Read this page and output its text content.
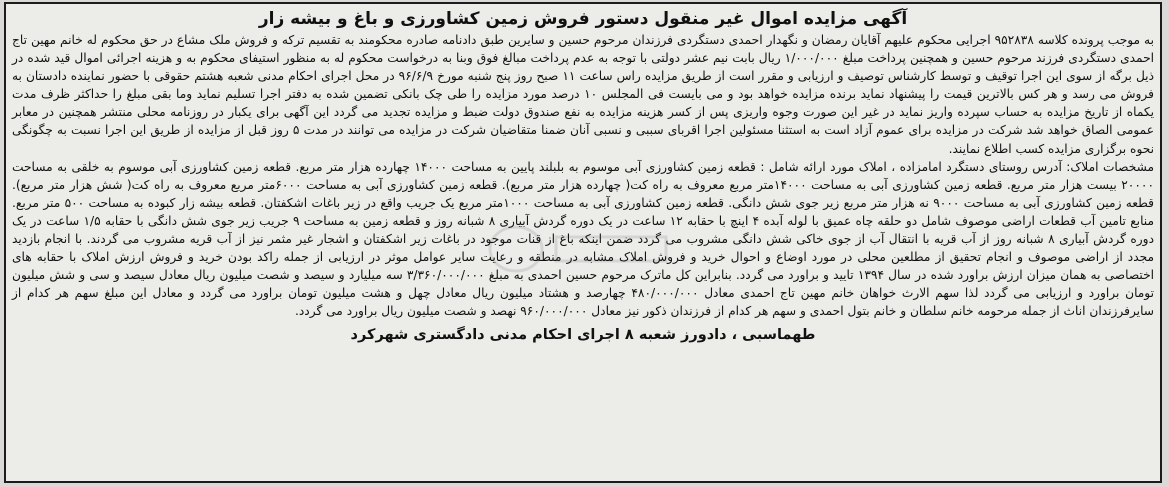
آگهی مزایده اموال غیر منقول دستور فروش زمین کشاورزی و باغ و بیشه زار

به موجب پرونده کلاسه ۹۵۲۸۳۸ اجرایی محکوم علیهم آقایان رمضان و نگهدار احمدی دستگردی فرزندان مرحوم حسین و سایرین طبق دادنامه صادره محکومند به تقسیم ترکه و فروش ملک مشاع در حق محکوم له خانم مهین تاج احمدی دستگردی فرزند مرحوم حسین و همچنین پرداخت مبلغ ۱/۰۰۰/۰۰۰ ریال بابت نیم عشر دولتی با توجه به عدم پرداخت مبالغ فوق وبنا به درخواست محکوم له به منظور استیفای محکوم به و هزینه اجرائی اموال قید شده در ذیل برگه از سوی این اجرا توقیف و توسط کارشناس توصیف و ارزیابی و مقرر است از طریق مزایده راس ساعت ۱۱ صبح روز پنج شنبه مورخ ۹۶/۶/۹ در محل اجرای احکام مدنی شعبه هشتم حقوقی با حضور نماینده دادستان به فروش می رسد و هر کس بالاترین قیمت را پیشنهاد نماید برنده مزایده خواهد بود و می بایست فی المجلس ۱۰ درصد مورد مزایده را طی چک بانکی تضمین شده به دفتر اجرا تسلیم نماید وما بقی مبلغ را حداکثر ظرف مدت یکماه از تاریخ مزایده به حساب سپرده واریز نماید در غیر این صورت وجوه واریزی پس از کسر هزینه مزایده به نفع صندوق دولت ضبط و مزایده تجدید می گردد این آگهی برای یکبار در روزنامه محلی منتشر همچنین در معابر عمومی الصاق خواهد شد شرکت در مزایده برای عموم آزاد است به استثنا مسئولین اجرا اقربای سببی و نسبی آنان ضمنا متقاضیان شرکت در مزایده می توانند در مدت ۵ روز قبل از مزایده از طریق این اجرا نسبت به چگونگی نحوه برگزاری مزایده کسب اطلاع نمایند.

مشخصات املاک: آدرس روستای دستگرد امامزاده ، املاک مورد ارائه شامل : قطعه زمین کشاورزی آبی موسوم به بلبلند پایین به مساحت ۱۴۰۰۰ چهارده هزار متر مربع. قطعه زمین کشاورزی آبی موسوم به خلقی به مساحت ۲۰۰۰۰ بیست هزار متر مربع. قطعه زمین کشاورزی آبی به مساحت ۱۴۰۰۰متر مربع معروف به راه کت( چهارده هزار متر مربع). قطعه زمین کشاورزی آبی به مساحت ۶۰۰۰متر مربع معروف به راه کت( شش هزار متر مربع). قطعه زمین کشاورزی آبی به مساحت ۹۰۰۰ نه هزار متر مربع زیر جوی شش دانگی. قطعه زمین کشاورزی آبی به مساحت ۱۰۰۰متر مربع یک جریب واقع در زیر باغات اشکفتان. قطعه بیشه زار کبوده به مساحت ۵۰۰ متر مربع. منابع تامین آب قطعات اراضی موصوف شامل دو حلقه چاه عمیق با لوله آبده ۴ اینچ با حقابه ۱۲ ساعت در یک دوره گردش آبیاری ۸ شبانه روز و قطعه زمین به مساحت ۹ جریب زیر جوی شش دانگی با حقابه ۱/۵ ساعت در یک دوره گردش آبیاری ۸ شبانه روز از آب قریه با انتقال آب از جوی خاکی شش دانگی مشروب می گردد ضمن اینکه باغ از قنات موجود در باغات زیر اشکفتان و اشجار غیر مثمر نیز از آب قریه مشروب می گردند. با انجام بازدید مجدد از اراضی موصوف و انجام تحقیق از مطلعین محلی در مورد اوضاع و احوال خرید و فروش املاک مشابه در منطقه و رعایت سایر عوامل موثر در ارزیابی از جمله راکد بودن خرید و فروش ارزش املاک با حقابه های اختصاصی به همان میزان ارزش براورد شده در سال ۱۳۹۴ تایید و براورد می گردد. بنابراین کل ماترک مرحوم حسین احمدی به مبلغ ۳/۳۶۰/۰۰۰/۰۰۰ سه میلیارد و سیصد و شصت میلیون ریال معادل سیصد و سی و شش میلیون تومان براورد و ارزیابی می گردد لذا سهم الارث خواهان خانم مهین تاج احمدی معادل ۴۸۰/۰۰۰/۰۰۰ چهارصد و هشتاد میلیون ریال معادل چهل و هشت میلیون تومان براورد می گردد و معادل این مبلغ سهم هر کدام از سایرفرزندان اناث از جمله مرحومه خانم سلطان و خانم بتول احمدی و سهم هر کدام از فرزندان ذکور نیز معادل ۹۶۰/۰۰۰/۰۰۰ نهصد و شصت میلیون ریال براورد می گردد.

طهماسبی ، دادورز شعبه ۸ اجرای احکام مدنی دادگستری شهرکرد
